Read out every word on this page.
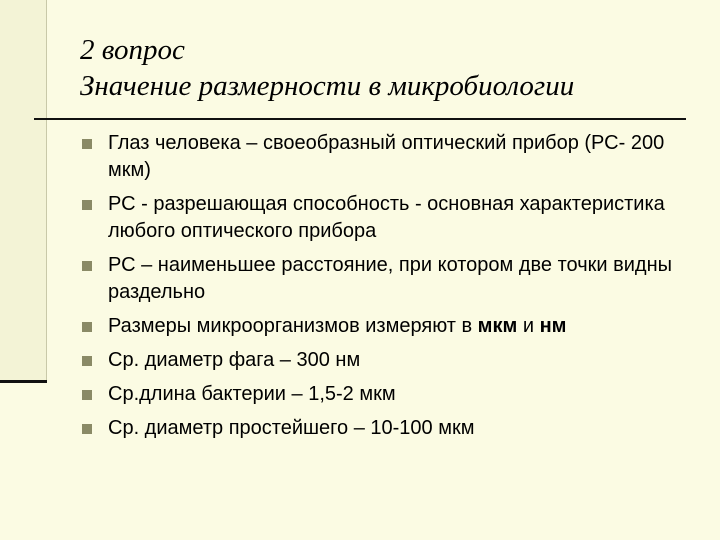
2 вопрос
Значение размерности в микробиологии
Глаз человека – своеобразный оптический прибор (РС- 200 мкм)
РС - разрешающая способность - основная характеристика любого оптического прибора
РС – наименьшее расстояние, при котором две точки видны раздельно
Размеры микроорганизмов измеряют в мкм и нм
Ср. диаметр фага – 300 нм
Ср.длина бактерии – 1,5-2 мкм
Ср. диаметр простейшего – 10-100 мкм
